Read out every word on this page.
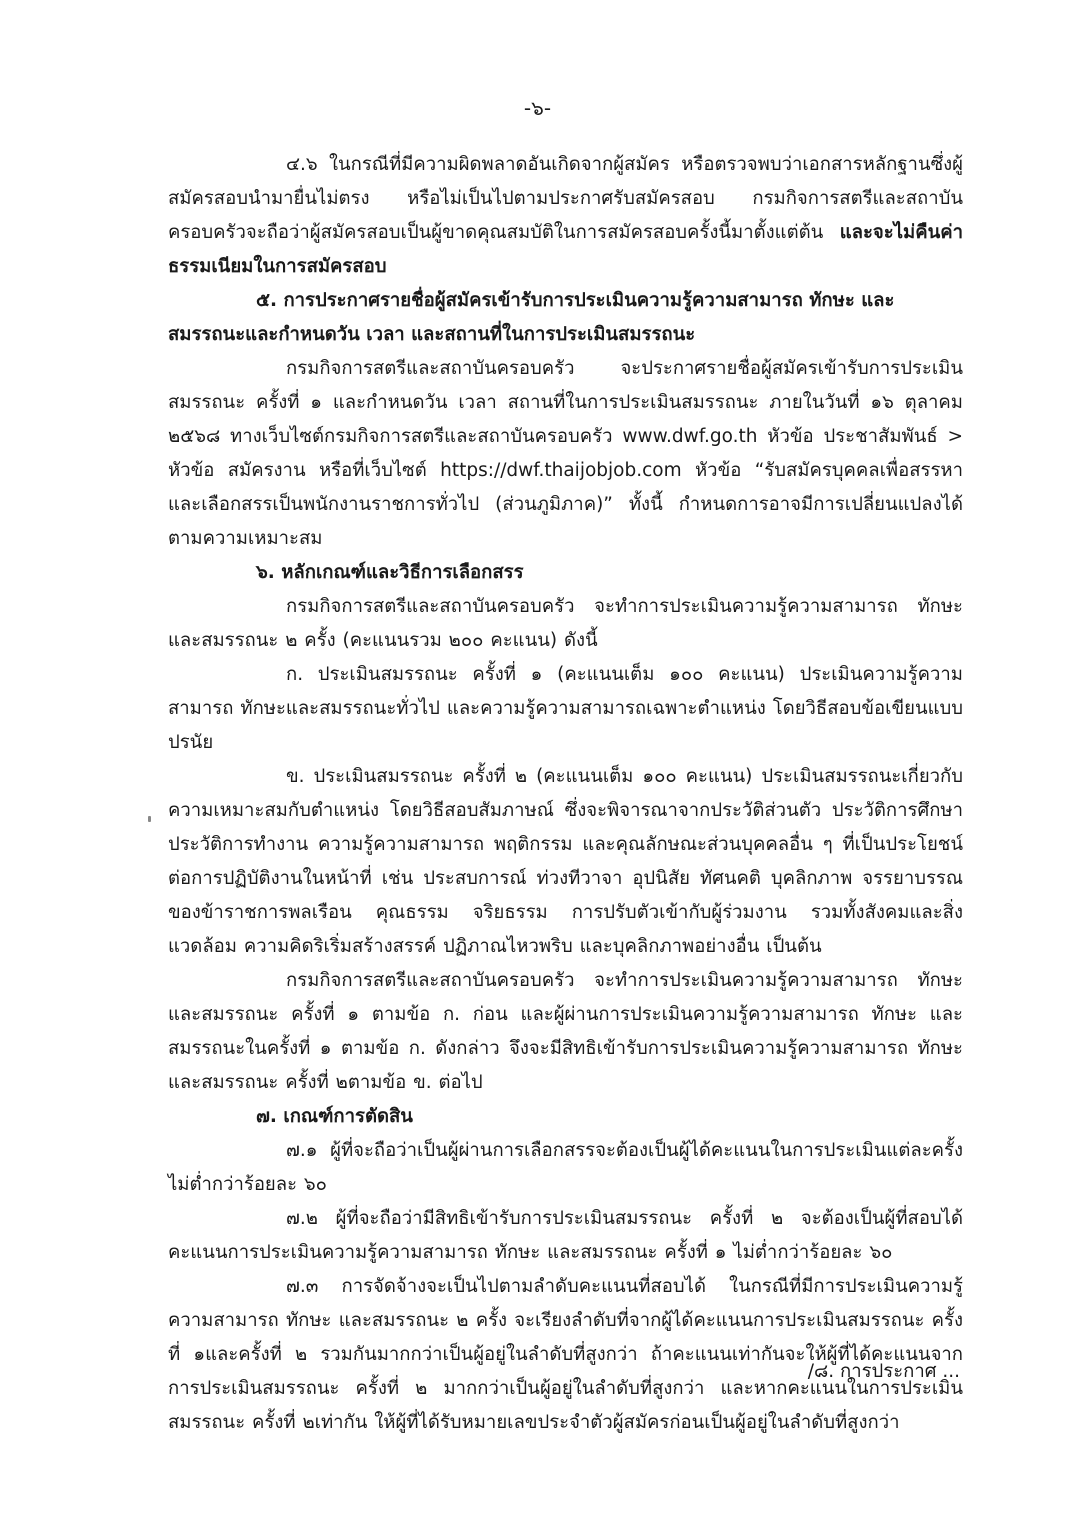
-๖-

๔.๖ ในกรณีที่มีความผิดพลาดอันเกิดจากผู้สมัคร หรือตรวจพบว่าเอกสารหลักฐานซึ่งผู้สมัครสอบนำมายื่นไม่ตรง หรือไม่เป็นไปตามประกาศรับสมัครสอบ กรมกิจการสตรีและสถาบันครอบครัวจะถือว่าผู้สมัครสอบเป็นผู้ขาดคุณสมบัติในการสมัครสอบครั้งนี้มาตั้งแต่ต้น และจะไม่คืนค่าธรรมเนียมในการสมัครสอบ

๕. การประกาศรายชื่อผู้สมัครเข้ารับการประเมินความรู้ความสามารถ ทักษะ และสมรรถนะและกำหนดวัน เวลา และสถานที่ในการประเมินสมรรถนะ

กรมกิจการสตรีและสถาบันครอบครัว จะประกาศรายชื่อผู้สมัครเข้ารับการประเมินสมรรถนะ ครั้งที่ ๑ และกำหนดวัน เวลา สถานที่ในการประเมินสมรรถนะ ภายในวันที่ ๑๖ ตุลาคม ๒๕๖๘ ทางเว็บไซต์กรมกิจการสตรีและสถาบันครอบครัว www.dwf.go.th หัวข้อ ประชาสัมพันธ์ > หัวข้อ สมัครงาน หรือที่เว็บไซต์ https://dwf.thaijobjob.com หัวข้อ “รับสมัครบุคคลเพื่อสรรหาและเลือกสรรเป็นพนักงานราชการทั่วไป (ส่วนภูมิภาค)” ทั้งนี้ กำหนดการอาจมีการเปลี่ยนแปลงได้ตามความเหมาะสม

๖. หลักเกณฑ์และวิธีการเลือกสรร

กรมกิจการสตรีและสถาบันครอบครัว จะทำการประเมินความรู้ความสามารถ ทักษะและสมรรถนะ ๒ ครั้ง (คะแนนรวม ๒๐๐ คะแนน) ดังนี้

ก. ประเมินสมรรถนะ ครั้งที่ ๑ (คะแนนเต็ม ๑๐๐ คะแนน) ประเมินความรู้ความสามารถ ทักษะและสมรรถนะทั่วไป และความรู้ความสามารถเฉพาะตำแหน่ง โดยวิธีสอบข้อเขียนแบบปรนัย

ข. ประเมินสมรรถนะ ครั้งที่ ๒ (คะแนนเต็ม ๑๐๐ คะแนน) ประเมินสมรรถนะเกี่ยวกับความเหมาะสมกับตำแหน่ง โดยวิธีสอบสัมภาษณ์ ซึ่งจะพิจารณาจากประวัติส่วนตัว ประวัติการศึกษา ประวัติการทำงาน ความรู้ความสามารถ พฤติกรรม และคุณลักษณะส่วนบุคคลอื่น ๆ ที่เป็นประโยชน์ต่อการปฏิบัติงานในหน้าที่ เช่น ประสบการณ์ ท่วงทีวาจา อุปนิสัย ทัศนคติ บุคลิกภาพ จรรยาบรรณของข้าราชการพลเรือน คุณธรรม จริยธรรม การปรับตัวเข้ากับผู้ร่วมงาน รวมทั้งสังคมและสิ่งแวดล้อม ความคิดริเริ่มสร้างสรรค์ ปฏิภาณไหวพริบ และบุคลิกภาพอย่างอื่น เป็นต้น

กรมกิจการสตรีและสถาบันครอบครัว จะทำการประเมินความรู้ความสามารถ ทักษะและสมรรถนะ ครั้งที่ ๑ ตามข้อ ก. ก่อน และผู้ผ่านการประเมินความรู้ความสามารถ ทักษะ และสมรรถนะในครั้งที่ ๑ ตามข้อ ก. ดังกล่าว จึงจะมีสิทธิเข้ารับการประเมินความรู้ความสามารถ ทักษะ และสมรรถนะ ครั้งที่ ๒ตามข้อ ข. ต่อไป

๗. เกณฑ์การตัดสิน

๗.๑ ผู้ที่จะถือว่าเป็นผู้ผ่านการเลือกสรรจะต้องเป็นผู้ได้คะแนนในการประเมินแต่ละครั้งไม่ต่ำกว่าร้อยละ ๖๐

๗.๒ ผู้ที่จะถือว่ามีสิทธิเข้ารับการประเมินสมรรถนะ ครั้งที่ ๒ จะต้องเป็นผู้ที่สอบได้คะแนนการประเมินความรู้ความสามารถ ทักษะ และสมรรถนะ ครั้งที่ ๑ ไม่ต่ำกว่าร้อยละ ๖๐

๗.๓ การจัดจ้างจะเป็นไปตามลำดับคะแนนที่สอบได้ ในกรณีที่มีการประเมินความรู้ความสามารถ ทักษะ และสมรรถนะ ๒ ครั้ง จะเรียงลำดับที่จากผู้ได้คะแนนการประเมินสมรรถนะ ครั้งที่ ๑และครั้งที่ ๒ รวมกันมากกว่าเป็นผู้อยู่ในลำดับที่สูงกว่า ถ้าคะแนนเท่ากันจะให้ผู้ที่ได้คะแนนจากการประเมินสมรรถนะ ครั้งที่ ๒ มากกว่าเป็นผู้อยู่ในลำดับที่สูงกว่า และหากคะแนนในการประเมินสมรรถนะ ครั้งที่ ๒เท่ากัน ให้ผู้ที่ได้รับหมายเลขประจำตัวผู้สมัครก่อนเป็นผู้อยู่ในลำดับที่สูงกว่า

/๘. การประกาศ ...
